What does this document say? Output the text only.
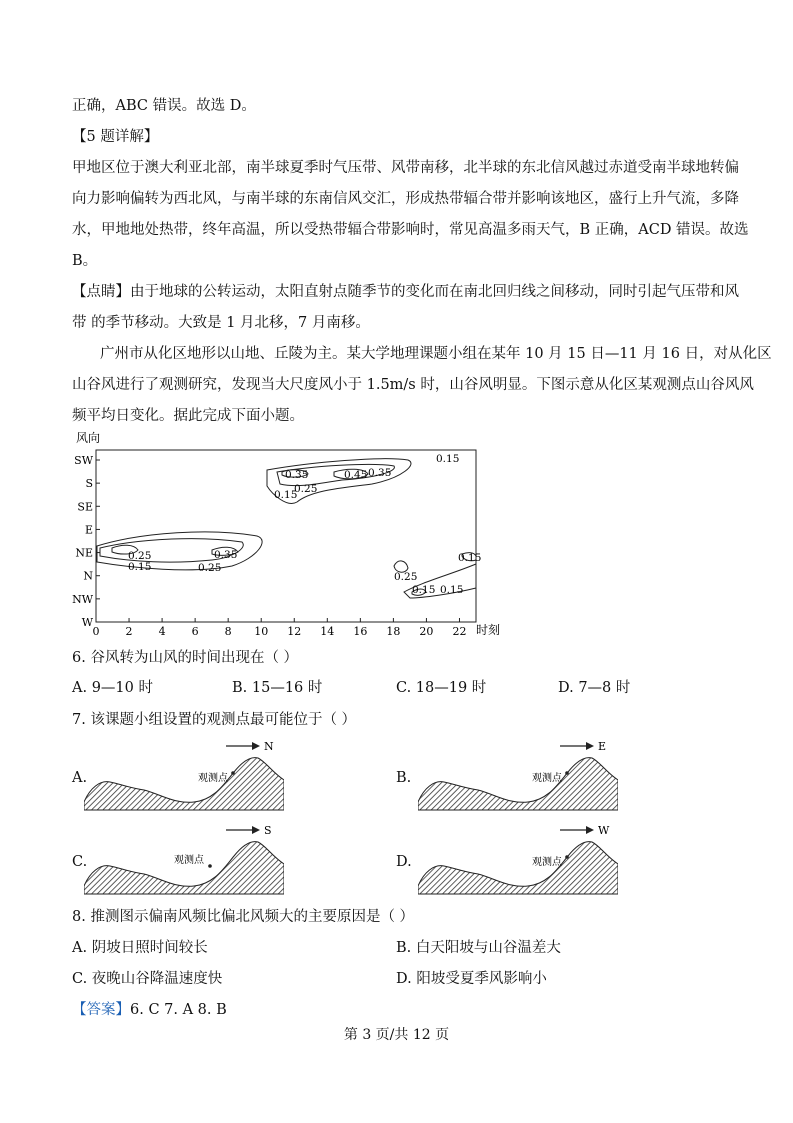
正确，ABC 错误。故选 D。
【5 题详解】
甲地区位于澳大利亚北部，南半球夏季时气压带、风带南移，北半球的东北信风越过赤道受南半球地转偏
向力影响偏转为西北风，与南半球的东南信风交汇，形成热带辐合带并影响该地区，盛行上升气流，多降
水，甲地地处热带，终年高温，所以受热带辐合带影响时，常见高温多雨天气，B 正确，ACD 错误。故选
B。
【点睛】由于地球的公转运动，太阳直射点随季节的变化而在南北回归线之间移动，同时引起气压带和风
带 的季节移动。大致是 1 月北移，7 月南移。
广州市从化区地形以山地、丘陵为主。某大学地理课题小组在某年 10 月 15 日—11 月 16 日，对从化区
山谷风进行了观测研究，发现当大尺度风小于 1.5m/s 时，山谷风明显。下图示意从化区某观测点山谷风风
频平均日变化。据此完成下面小题。
风向
时刻
SW
S
SE
E
NE
N
NW
W
0 2 4 6 8 10 12 14 16 18 20 22
0.25
0.15
0.35
0.25
0.35	0.45 0.35
0.25
0.15
0.15
0.15
0.25
0.15 0.15
6. 谷风转为山风的时间出现在（ ）
A. 9—10 时	B. 15—16 时	C. 18—19 时	D. 7—8 时
7. 该课题小组设置的观测点最可能位于（ ）
A.	B.
C.	D.
N
观测点
E
观测点
S
观测点
W
观测点
8. 推测图示偏南风频比偏北风频大的主要原因是（ ）
A. 阴坡日照时间较长	B. 白天阳坡与山谷温差大
C. 夜晚山谷降温速度快	D. 阳坡受夏季风影响小
【答案】6. C 7. A 8. B
第 3 页/共 12 页
